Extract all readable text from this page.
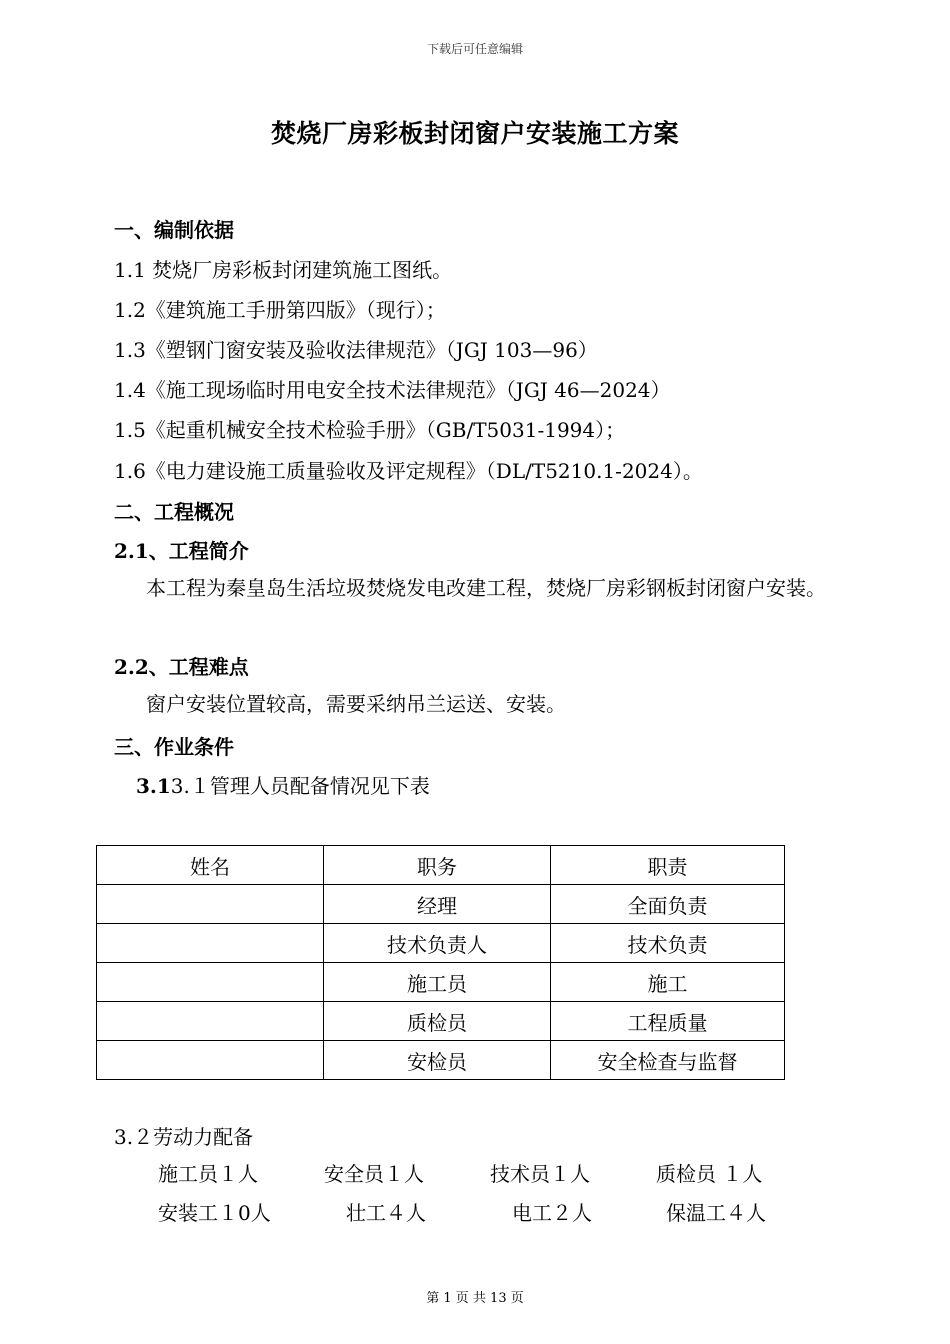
下载后可任意编辑
焚烧厂房彩板封闭窗户安装施工方案
一、编制依据
1.1 焚烧厂房彩板封闭建筑施工图纸。
1.2《建筑施工手册第四版》（现行）；
1.3《塑钢门窗安装及验收法律规范》（JGJ 103—96）
1.4《施工现场临时用电安全技术法律规范》（JGJ 46—2024）
1.5《起重机械安全技术检验手册》（GB/T5031-1994）；
1.6《电力建设施工质量验收及评定规程》（DL/T5210.1-2024）。
二、工程概况
2.1、工程简介
本工程为秦皇岛生活垃圾焚烧发电改建工程，焚烧厂房彩钢板封闭窗户安装。
2.2、工程难点
窗户安装位置较高，需要采纳吊兰运送、安装。
三、作业条件
3.13.１管理人员配备情况见下表
姓名	职务	职责
	经理	全面负责
	技术负责人	技术负责
	施工员	施工
	质检员	工程质量
	安检员	安全检查与监督
3.２劳动力配备
施工员１人	安全员１人	技术员１人	质检员 １人
安装工１0人	壮工４人	电工２人	保温工４人
第 1 页 共 13 页
